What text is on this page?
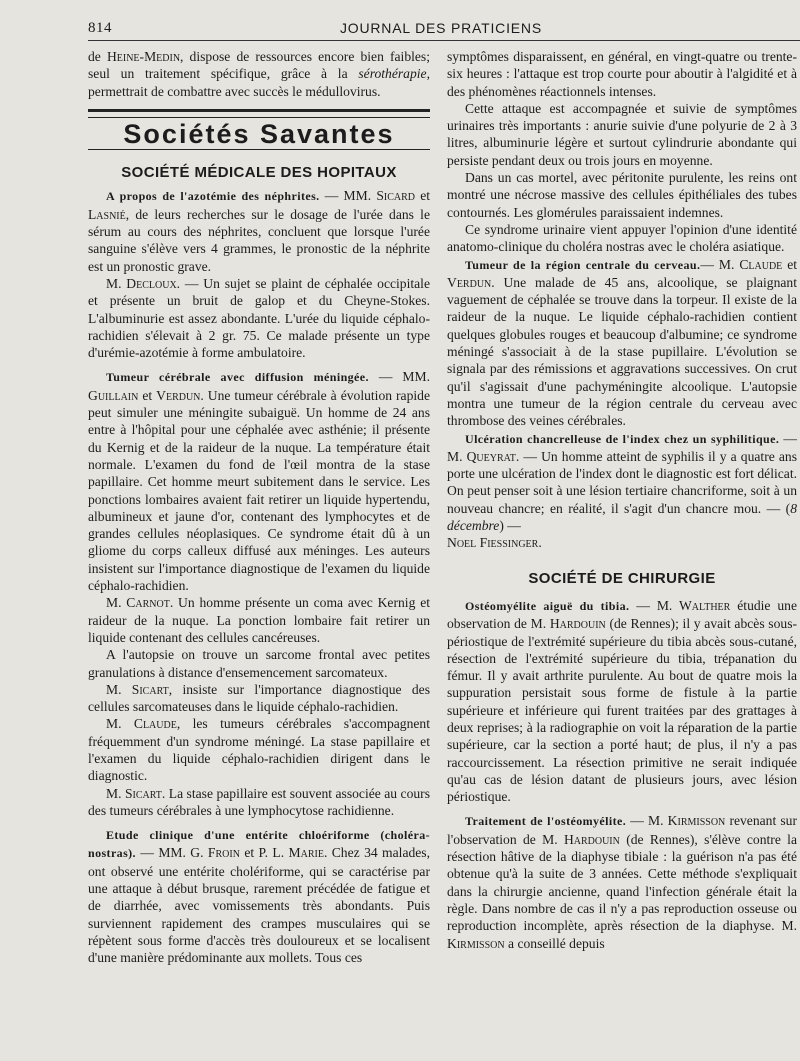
814	JOURNAL DES PRATICIENS

de Heine-Medin, dispose de ressources encore bien faibles; seul un traitement spécifique, grâce à la sérothérapie, permettrait de combattre avec succès le médullovirus.

Sociétés Savantes
SOCIÉTÉ MÉDICALE DES HOPITAUX

A propos de l'azotémie des néphrites. — MM. Sicard et Lasnié, de leurs recherches sur le dosage de l'urée dans le sérum au cours des néphrites, concluent que lorsque l'urée sanguine s'élève vers 4 grammes, le pronostic de la néphrite est un pronostic grave.

M. Decloux. — Un sujet se plaint de céphalée occipitale et présente un bruit de galop et du Cheyne-Stokes. L'albuminurie est assez abondante. L'urée du liquide céphalo-rachidien s'élevait à 2 gr. 75. Ce malade présente un type d'urémie-azotémie à forme ambulatoire.

Tumeur cérébrale avec diffusion méningée. — MM. Guillain et Verdun. Une tumeur cérébrale à évolution rapide peut simuler une méningite subaiguë. Un homme de 24 ans entre à l'hôpital pour une céphalée avec asthénie; il présente du Kernig et de la raideur de la nuque. La température était normale. L'examen du fond de l'œil montra de la stase papillaire. Cet homme meurt subitement dans le service. Les ponctions lombaires avaient fait retirer un liquide hypertendu, albumineux et jaune d'or, contenant des lymphocytes et de grandes cellules néoplasiques. Ce syndrome était dû à un gliome du corps calleux diffusé aux méninges. Les auteurs insistent sur l'importance diagnostique de l'examen du liquide céphalo-rachidien.

M. Carnot. Un homme présente un coma avec Kernig et raideur de la nuque. La ponction lombaire fait retirer un liquide contenant des cellules cancéreuses.

A l'autopsie on trouve un sarcome frontal avec petites granulations à distance d'ensemencement sarcomateux.

M. Sicart, insiste sur l'importance diagnostique des cellules sarcomateuses dans le liquide céphalo-rachidien.

M. Claude, les tumeurs cérébrales s'accompagnent fréquemment d'un syndrome méningé. La stase papillaire et l'examen du liquide céphalo-rachidien dirigent dans le diagnostic.

M. Sicart. La stase papillaire est souvent associée au cours des tumeurs cérébrales à une lymphocytose rachidienne.

Etude clinique d'une entérite chloériforme (cholérа-nostras). — MM. G. Froin et P. L. Marie. Chez 34 malades, ont observé une entérite cholériforme, qui se caractérise par une attaque à début brusque, rarement précédée de fatigue et de diarrhée, avec vomissements très abondants. Puis surviennent rapidement des crampes musculaires qui se répètent sous forme d'accès très douloureux et se localisent d'une manière prédominante aux mollets. Tous ces

symptômes disparaissent, en général, en vingt-quatre ou trente-six heures : l'attaque est trop courte pour aboutir à l'algidité et à des phénomènes réactionnels intenses.

Cette attaque est accompagnée et suivie de symptômes urinaires très importants : anurie suivie d'une polyurie de 2 à 3 litres, albuminurie légère et surtout cylindrurie abondante qui persiste pendant deux ou trois jours en moyenne.

Dans un cas mortel, avec péritonite purulente, les reins ont montré une nécrose massive des cellules épithéliales des tubes contournés. Les glomérules paraissaient indemnes.

Ce syndrome urinaire vient appuyer l'opinion d'une identité anatomo-clinique du choléra nostras avec le choléra asiatique.

Tumeur de la région centrale du cerveau.— M. Claude et Verdun. Une malade de 45 ans, alcoolique, se plaignant vaguement de céphalée se trouve dans la torpeur. Il existe de la raideur de la nuque. Le liquide céphalo-rachidien contient quelques globules rouges et beaucoup d'albumine; ce syndrome méningé s'associait à de la stase pupillaire. L'évolution se signala par des rémissions et aggravations successives. On crut qu'il s'agissait d'une pachyméningite alcoolique. L'autopsie montra une tumeur de la région centrale du cerveau avec thrombose des veines cérébrales.

Ulcération chancrelleuse de l'index chez un syphilitique. — M. Queyrat. — Un homme atteint de syphilis il y a quatre ans porte une ulcération de l'index dont le diagnostic est fort délicat. On peut penser soit à une lésion tertiaire chancriforme, soit à un nouveau chancre; en réalité, il s'agit d'un chancre mou. — (8 décembre) —

Noel Fiessinger.

SOCIÉTÉ DE CHIRURGIE

Ostéomyélite aiguë du tibia. — M. Walther étudie une observation de M. Hardouin (de Rennes); il y avait abcès sous-périostique de l'extrémité supérieure du tibia abcès sous-cutané, résection de l'extrémité supérieure du tibia, trépanation du fémur. Il y avait arthrite purulente. Au bout de quatre mois la suppuration persistait sous forme de fistule à la partie supérieure et inférieure qui furent traitées par des grattages à deux reprises; à la radiographie on voit la réparation de la partie supérieure, car la section a porté haut; de plus, il n'y a pas raccourcissement. La résection primitive ne serait indiquée qu'au cas de lésion datant de plusieurs jours, avec lésion périostique.

Traitement de l'ostéomyélite. — M. Kirmisson revenant sur l'observation de M. Hardouin (de Rennes), s'élève contre la résection hâtive de la diaphyse tibiale : la guérison n'a pas été obtenue qu'à la suite de 3 années. Cette méthode s'expliquait dans la chirurgie ancienne, quand l'infection générale était la règle. Dans nombre de cas il n'y a pas reproduction osseuse ou reproduction incomplète, après résection de la diaphyse. M. Kirmisson a conseillé depuis
